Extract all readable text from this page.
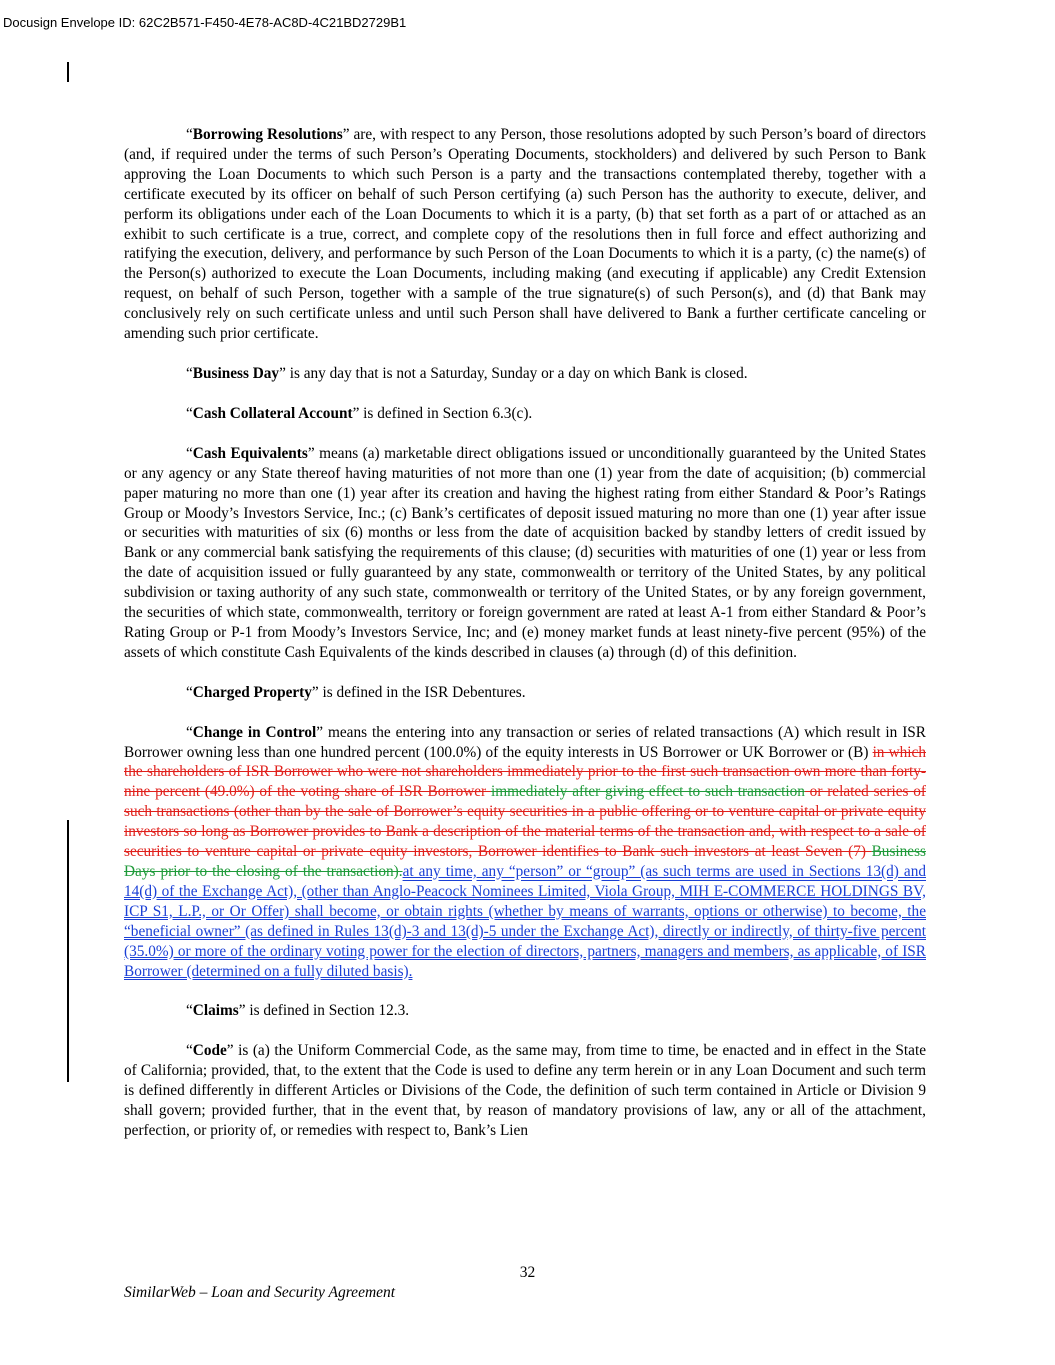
Docusign Envelope ID: 62C2B571-F450-4E78-AC8D-4C21BD2729B1

“Borrowing Resolutions” are, with respect to any Person, those resolutions adopted by such Person’s board of directors (and, if required under the terms of such Person’s Operating Documents, stockholders) and delivered by such Person to Bank approving the Loan Documents to which such Person is a party and the transactions contemplated thereby, together with a certificate executed by its officer on behalf of such Person certifying (a) such Person has the authority to execute, deliver, and perform its obligations under each of the Loan Documents to which it is a party, (b) that set forth as a part of or attached as an exhibit to such certificate is a true, correct, and complete copy of the resolutions then in full force and effect authorizing and ratifying the execution, delivery, and performance by such Person of the Loan Documents to which it is a party, (c) the name(s) of the Person(s) authorized to execute the Loan Documents, including making (and executing if applicable) any Credit Extension request, on behalf of such Person, together with a sample of the true signature(s) of such Person(s), and (d) that Bank may conclusively rely on such certificate unless and until such Person shall have delivered to Bank a further certificate canceling or amending such prior certificate.

“Business Day” is any day that is not a Saturday, Sunday or a day on which Bank is closed.

“Cash Collateral Account” is defined in Section 6.3(c).

“Cash Equivalents” means (a) marketable direct obligations issued or unconditionally guaranteed by the United States or any agency or any State thereof having maturities of not more than one (1) year from the date of acquisition; (b) commercial paper maturing no more than one (1) year after its creation and having the highest rating from either Standard & Poor’s Ratings Group or Moody’s Investors Service, Inc.; (c) Bank’s certificates of deposit issued maturing no more than one (1) year after issue or securities with maturities of six (6) months or less from the date of acquisition backed by standby letters of credit issued by Bank or any commercial bank satisfying the requirements of this clause; (d) securities with maturities of one (1) year or less from the date of acquisition issued or fully guaranteed by any state, commonwealth or territory of the United States, by any political subdivision or taxing authority of any such state, commonwealth or territory of the United States, or by any foreign government, the securities of which state, commonwealth, territory or foreign government are rated at least A-1 from either Standard & Poor’s Rating Group or P-1 from Moody’s Investors Service, Inc; and (e) money market funds at least ninety-five percent (95%) of the assets of which constitute Cash Equivalents of the kinds described in clauses (a) through (d) of this definition.

“Charged Property” is defined in the ISR Debentures.

“Change in Control” means the entering into any transaction or series of related transactions (A) which result in ISR Borrower owning less than one hundred percent (100.0%) of the equity interests in US Borrower or UK Borrower or (B) in which the shareholders of ISR Borrower who were not shareholders immediately prior to the first such transaction own more than forty-nine percent (49.0%) of the voting share of ISR Borrower immediately after giving effect to such transaction or related series of such transactions (other than by the sale of Borrower’s equity securities in a public offering or to venture capital or private equity investors so long as Borrower provides to Bank a description of the material terms of the transaction and, with respect to a sale of securities to venture capital or private equity investors, Borrower identifies to Bank such investors at least Seven (7) Business Days prior to the closing of the transaction).at any time, any “person” or “group” (as such terms are used in Sections 13(d) and 14(d) of the Exchange Act), (other than Anglo-Peacock Nominees Limited, Viola Group, MIH E-COMMERCE HOLDINGS BV, ICP S1, L.P., or Or Offer) shall become, or obtain rights (whether by means of warrants, options or otherwise) to become, the “beneficial owner” (as defined in Rules 13(d)-3 and 13(d)-5 under the Exchange Act), directly or indirectly, of thirty-five percent (35.0%) or more of the ordinary voting power for the election of directors, partners, managers and members, as applicable, of ISR Borrower (determined on a fully diluted basis).

“Claims” is defined in Section 12.3.

“Code” is (a) the Uniform Commercial Code, as the same may, from time to time, be enacted and in effect in the State of California; provided, that, to the extent that the Code is used to define any term herein or in any Loan Document and such term is defined differently in different Articles or Divisions of the Code, the definition of such term contained in Article or Division 9 shall govern; provided further, that in the event that, by reason of mandatory provisions of law, any or all of the attachment, perfection, or priority of, or remedies with respect to, Bank’s Lien

32
SimilarWeb – Loan and Security Agreement
